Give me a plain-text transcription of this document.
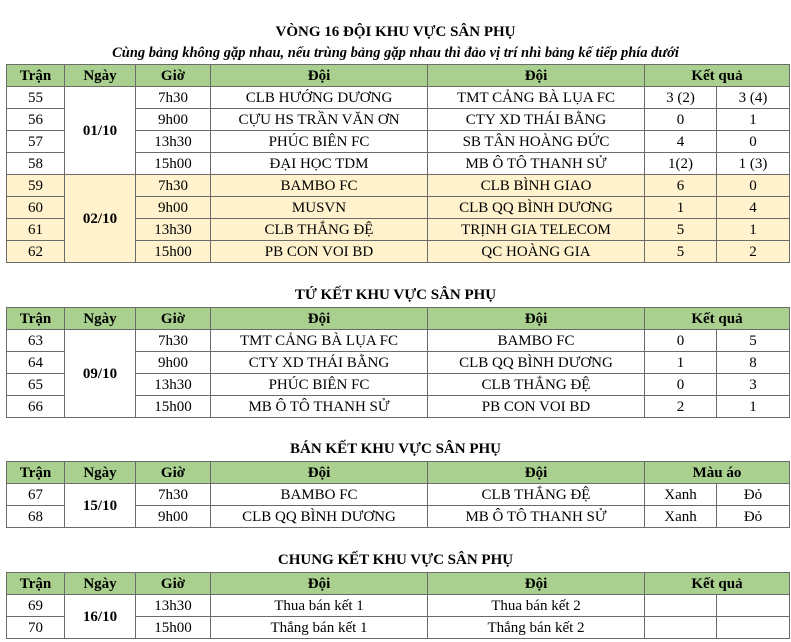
VÒNG 16 ĐỘI KHU VỰC SÂN PHỤ
Cùng bảng không gặp nhau, nếu trùng bảng gặp nhau thì đảo vị trí nhì bảng kế tiếp phía dưới
Trận	Ngày	Giờ	Đội	Đội	Kết quả	
55	01/10	7h30	CLB HƯỚNG DƯƠNG	TMT CẢNG BÀ LỤA FC	3 (2)	3 (4)
56		9h00	CỰU HS TRẦN VĂN ƠN	CTY XD THÁI BẰNG	0	1
57		13h30	PHÚC BIÊN FC	SB TÂN HOÀNG ĐỨC	4	0
58		15h00	ĐẠI HỌC TDM	MB Ô TÔ THANH SỬ	1(2)	1 (3)
59	02/10	7h30	BAMBO FC	CLB BÌNH GIAO	6	0
60		9h00	MUSVN	CLB QQ BÌNH DƯƠNG	1	4
61		13h30	CLB THẮNG ĐỆ	TRỊNH GIA TELECOM	5	1
62		15h00	PB CON VOI BD	QC HOÀNG GIA	5	2
TỨ KẾT KHU VỰC SÂN PHỤ
Trận	Ngày	Giờ	Đội	Đội	Kết quả	
63	09/10	7h30	TMT CẢNG BÀ LỤA FC	BAMBO FC	0	5
64		9h00	CTY XD THÁI BẰNG	CLB QQ BÌNH DƯƠNG	1	8
65		13h30	PHÚC BIÊN FC	CLB THẮNG ĐỆ	0	3
66		15h00	MB Ô TÔ THANH SỬ	PB CON VOI BD	2	1
BÁN KẾT KHU VỰC SÂN PHỤ
Trận	Ngày	Giờ	Đội	Đội	Màu áo	
67	15/10	7h30	BAMBO FC	CLB THẮNG ĐỆ	Xanh	Đỏ
68		9h00	CLB QQ BÌNH DƯƠNG	MB Ô TÔ THANH SỬ	Xanh	Đỏ
CHUNG KẾT KHU VỰC SÂN PHỤ
Trận	Ngày	Giờ	Đội	Đội	Kết quả	
69	16/10	13h30	Thua bán kết 1	Thua bán kết 2		
70		15h00	Thắng bán kết 1	Thắng bán kết 2		
